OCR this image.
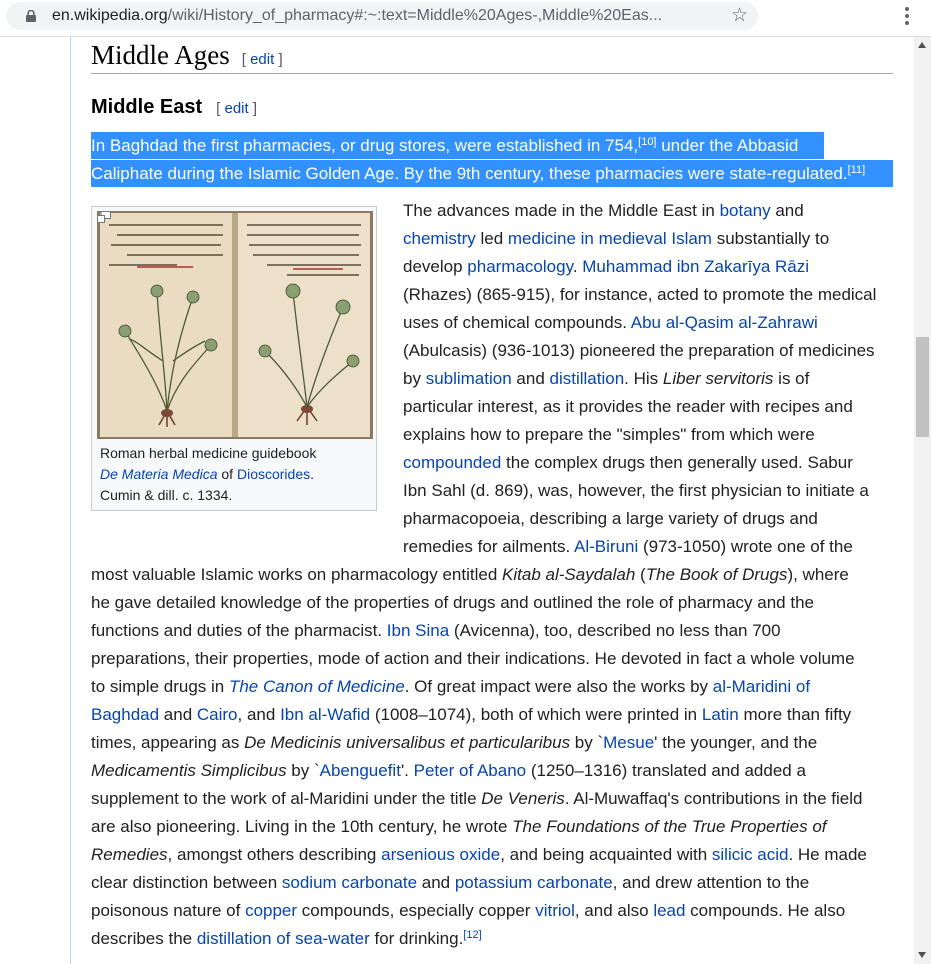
en.wikipedia.org/wiki/History_of_pharmacy#:~:text=Middle%20Ages-,Middle%20Eas...	☆
Middle Ages [ edit ]
Middle East [ edit ]
In Baghdad the first pharmacies, or drug stores, were established in 754,[10] under the Abbasid
Caliphate during the Islamic Golden Age. By the 9th century, these pharmacies were state-regulated.[11]
Roman herbal medicine guidebook
De Materia Medica of Dioscorides.
Cumin & dill. c. 1334.
The advances made in the Middle East in botany and
chemistry led medicine in medieval Islam substantially to
develop pharmacology. Muhammad ibn Zakarīya Rāzi
(Rhazes) (865-915), for instance, acted to promote the medical
uses of chemical compounds. Abu al-Qasim al-Zahrawi
(Abulcasis) (936-1013) pioneered the preparation of medicines
by sublimation and distillation. His Liber servitoris is of
particular interest, as it provides the reader with recipes and
explains how to prepare the "simples" from which were
compounded the complex drugs then generally used. Sabur
Ibn Sahl (d. 869), was, however, the first physician to initiate a
pharmacopoeia, describing a large variety of drugs and
remedies for ailments. Al-Biruni (973-1050) wrote one of the
most valuable Islamic works on pharmacology entitled Kitab al-Saydalah (The Book of Drugs), where
he gave detailed knowledge of the properties of drugs and outlined the role of pharmacy and the
functions and duties of the pharmacist. Ibn Sina (Avicenna), too, described no less than 700
preparations, their properties, mode of action and their indications. He devoted in fact a whole volume
to simple drugs in The Canon of Medicine. Of great impact were also the works by al-Maridini of
Baghdad and Cairo, and Ibn al-Wafid (1008–1074), both of which were printed in Latin more than fifty
times, appearing as De Medicinis universalibus et particularibus by `Mesue' the younger, and the
Medicamentis Simplicibus by `Abenguefit'. Peter of Abano (1250–1316) translated and added a
supplement to the work of al-Maridini under the title De Veneris. Al-Muwaffaq's contributions in the field
are also pioneering. Living in the 10th century, he wrote The Foundations of the True Properties of
Remedies, amongst others describing arsenious oxide, and being acquainted with silicic acid. He made
clear distinction between sodium carbonate and potassium carbonate, and drew attention to the
poisonous nature of copper compounds, especially copper vitriol, and also lead compounds. He also
describes the distillation of sea-water for drinking.[12]
